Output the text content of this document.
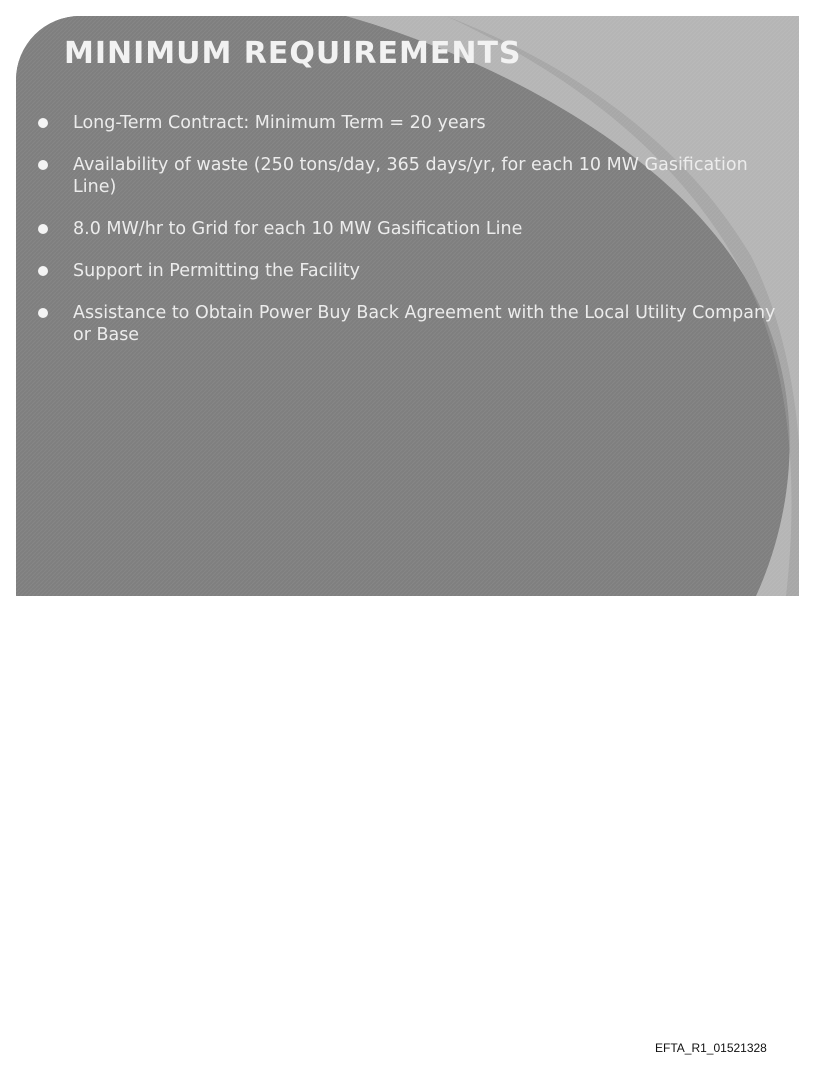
MINIMUM REQUIREMENTS
Long-Term Contract: Minimum Term = 20 years
Availability of waste (250 tons/day, 365 days/yr, for each 10 MW Gasification Line)
8.0 MW/hr to Grid for each 10 MW Gasification Line
Support in Permitting the Facility
Assistance to Obtain Power Buy Back Agreement with the Local Utility Company or Base
EFTA_R1_01521328
